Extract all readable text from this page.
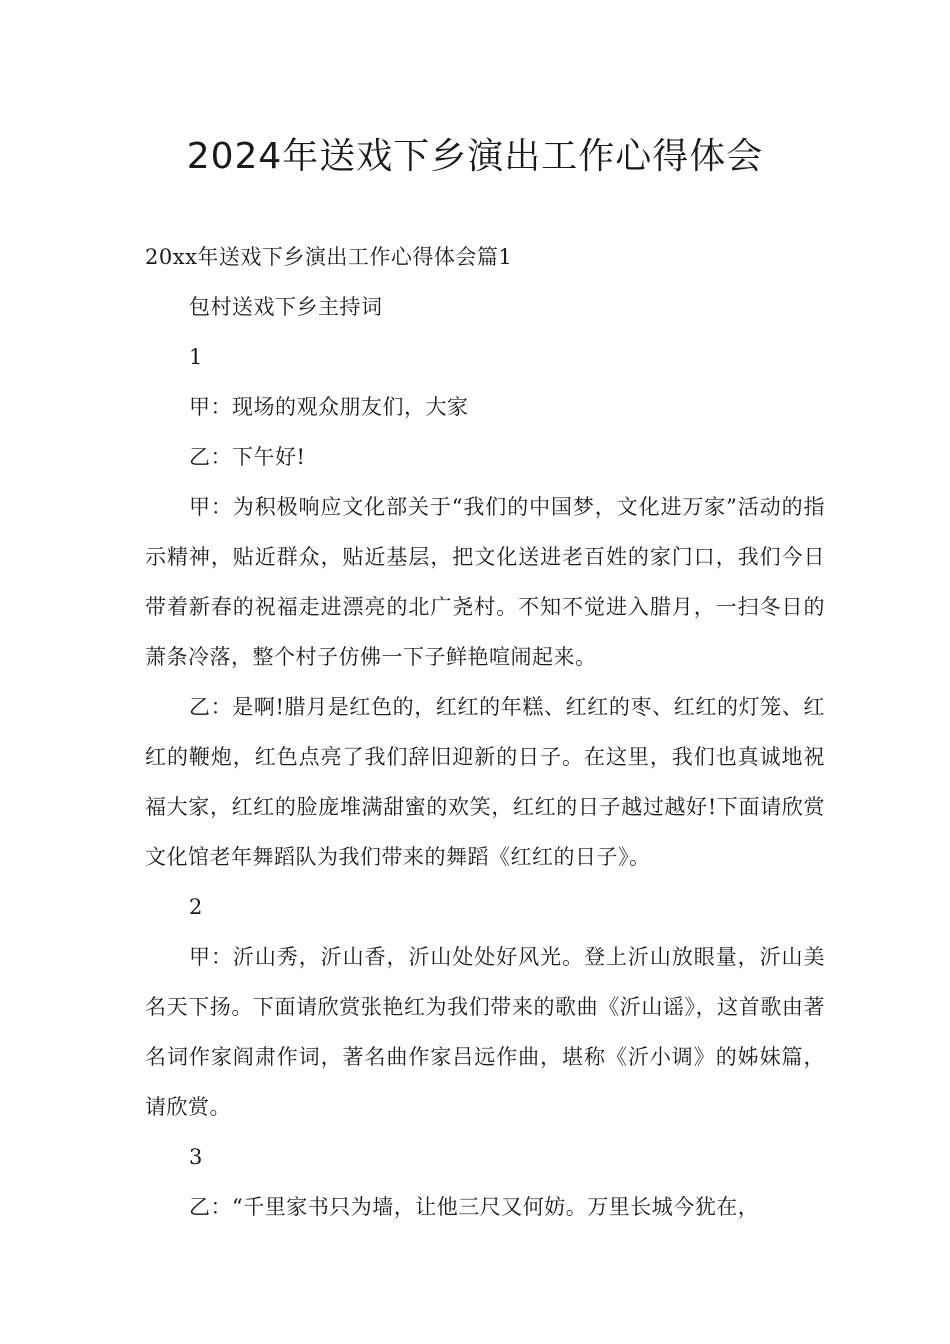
2024年送戏下乡演出工作心得体会

20xx年送戏下乡演出工作心得体会篇1

包村送戏下乡主持词

1

甲：现场的观众朋友们，大家

乙：下午好!

甲：为积极响应文化部关于“我们的中国梦，文化进万家”活动的指示精神，贴近群众，贴近基层，把文化送进老百姓的家门口，我们今日带着新春的祝福走进漂亮的北广尧村。不知不觉进入腊月，一扫冬日的萧条冷落，整个村子仿佛一下子鲜艳喧闹起来。

乙：是啊!腊月是红色的，红红的年糕、红红的枣、红红的灯笼、红红的鞭炮，红色点亮了我们辞旧迎新的日子。在这里，我们也真诚地祝福大家，红红的脸庞堆满甜蜜的欢笑，红红的日子越过越好!下面请欣赏文化馆老年舞蹈队为我们带来的舞蹈《红红的日子》。

2

甲：沂山秀，沂山香，沂山处处好风光。登上沂山放眼量，沂山美名天下扬。下面请欣赏张艳红为我们带来的歌曲《沂山谣》，这首歌由著名词作家阎肃作词，著名曲作家吕远作曲，堪称《沂小调》的姊妹篇，请欣赏。

3

乙：“千里家书只为墙，让他三尺又何妨。万里长城今犹在，
